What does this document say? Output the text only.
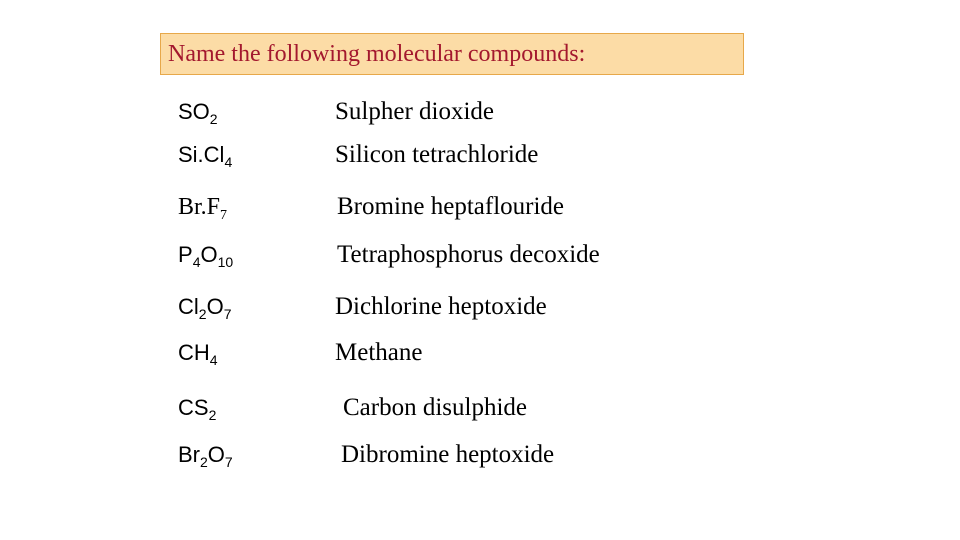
Name the following molecular compounds:
$SO_2$	Sulpher dioxide
$Si.Cl_4$	Silicon tetrachloride
$Br.F_7$	Bromine heptaflouride
$P_4O_{10}$	Tetraphosphorus decoxide
$Cl_2O_7$	Dichlorine heptoxide
$CH_4$	Methane
$CS_2$	Carbon disulphide
$Br_2O_7$	Dibromine heptoxide
